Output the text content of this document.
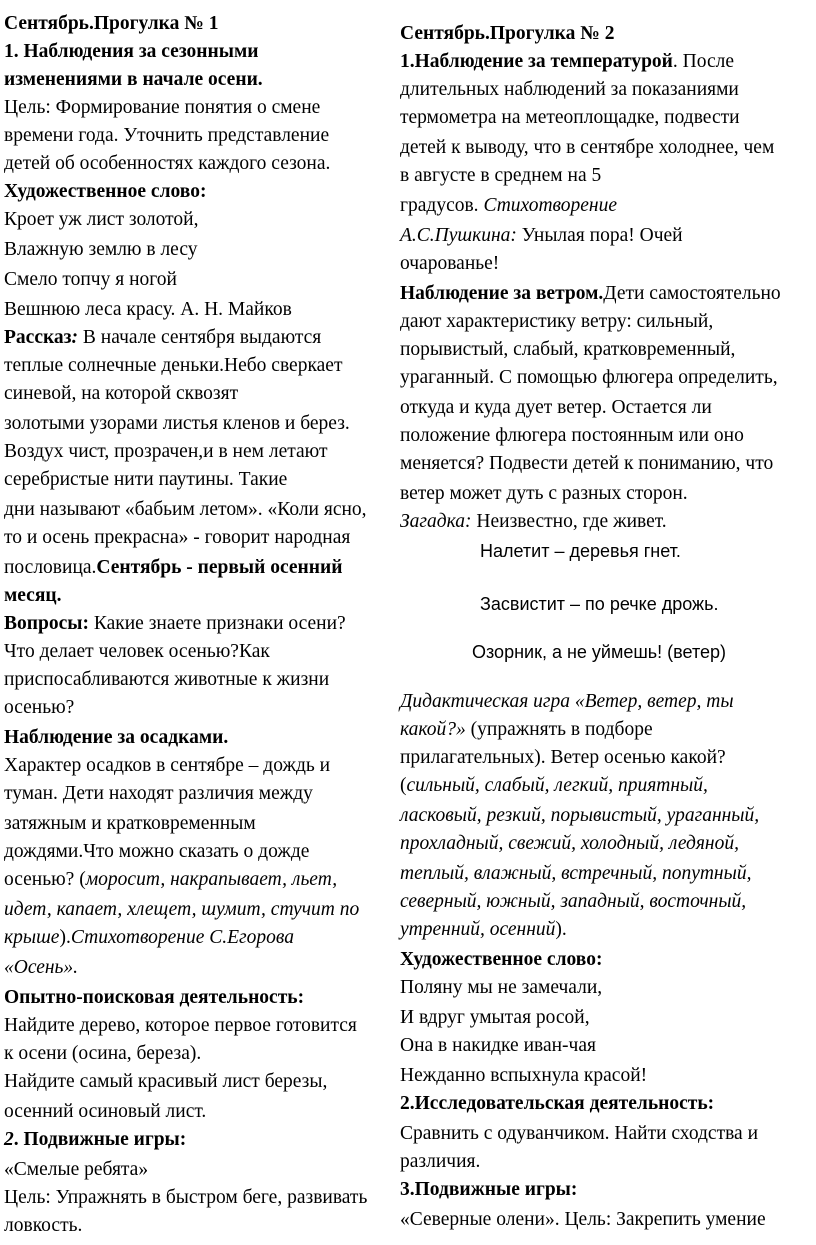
Сентябрь.Прогулка № 1
1. Наблюдения за сезонными
изменениями в начале осени.
Цель: Формирование понятия о смене
времени года. Уточнить представление
детей об особенностях каждого сезона.
Художественное слово:
Кроет уж лист золотой,
Влажную землю в лесу
Смело топчу я ногой
Вешнюю леса красу. А. Н. Майков
Рассказ: В начале сентября выдаются
теплые солнечные деньки.Небо сверкает
синевой, на которой сквозят
золотыми узорами листья кленов и берез.
Воздух чист, прозрачен,и в нем летают
серебристые нити паутины. Такие
дни называют «бабьим летом». «Коли ясно,
то и осень прекрасна» - говорит народная
пословица.Сентябрь - первый осенний
месяц.
Вопросы: Какие знаете признаки осени?
Что делает человек осенью?Как
приспосабливаются животные к жизни
осенью?
Наблюдение за осадками.
Характер осадков в сентябре – дождь и
туман. Дети находят различия между
затяжным и кратковременным
дождями.Что можно сказать о дожде
осенью? (моросит, накрапывает, льет,
идет, капает, хлещет, шумит, стучит по
крыше).Стихотворение С.Егорова
«Осень».
Опытно-поисковая деятельность:
Найдите дерево, которое первое готовится
к осени (осина, береза).
Найдите самый красивый лист березы,
осенний осиновый лист.
2. Подвижные игры:
«Смелые ребята»
Цель: Упражнять в быстром беге, развивать
ловкость.
Сентябрь.Прогулка № 2
1.Наблюдение за температурой. После
длительных наблюдений за показаниями
термометра на метеоплощадке, подвести
детей к выводу, что в сентябре холоднее, чем
в августе в среднем на 5
градусов. Стихотворение
А.С.Пушкина: Унылая пора! Очей
очарованье!
Наблюдение за ветром.Дети самостоятельно
дают характеристику ветру: сильный,
порывистый, слабый, кратковременный,
ураганный. С помощью флюгера определить,
откуда и куда дует ветер. Остается ли
положение флюгера постоянным или оно
меняется? Подвести детей к пониманию, что
ветер может дуть с разных сторон.
Загадка: Неизвестно, где живет.
Налетит – деревья гнет.
Засвистит – по речке дрожь.
Озорник, а не уймешь! (ветер)
Дидактическая игра «Ветер, ветер, ты
какой?» (упражнять в подборе
прилагательных). Ветер осенью какой?
(сильный, слабый, легкий, приятный,
ласковый, резкий, порывистый, ураганный,
прохладный, свежий, холодный, ледяной,
теплый, влажный, встречный, попутный,
северный, южный, западный, восточный,
утренний, осенний).
Художественное слово:
Поляну мы не замечали,
И вдруг умытая росой,
Она в накидке иван-чая
Нежданно вспыхнула красой!
2.Исследовательская деятельность:
Сравнить с одуванчиком. Найти сходства и
различия.
3.Подвижные игры:
«Северные олени». Цель: Закрепить умение
